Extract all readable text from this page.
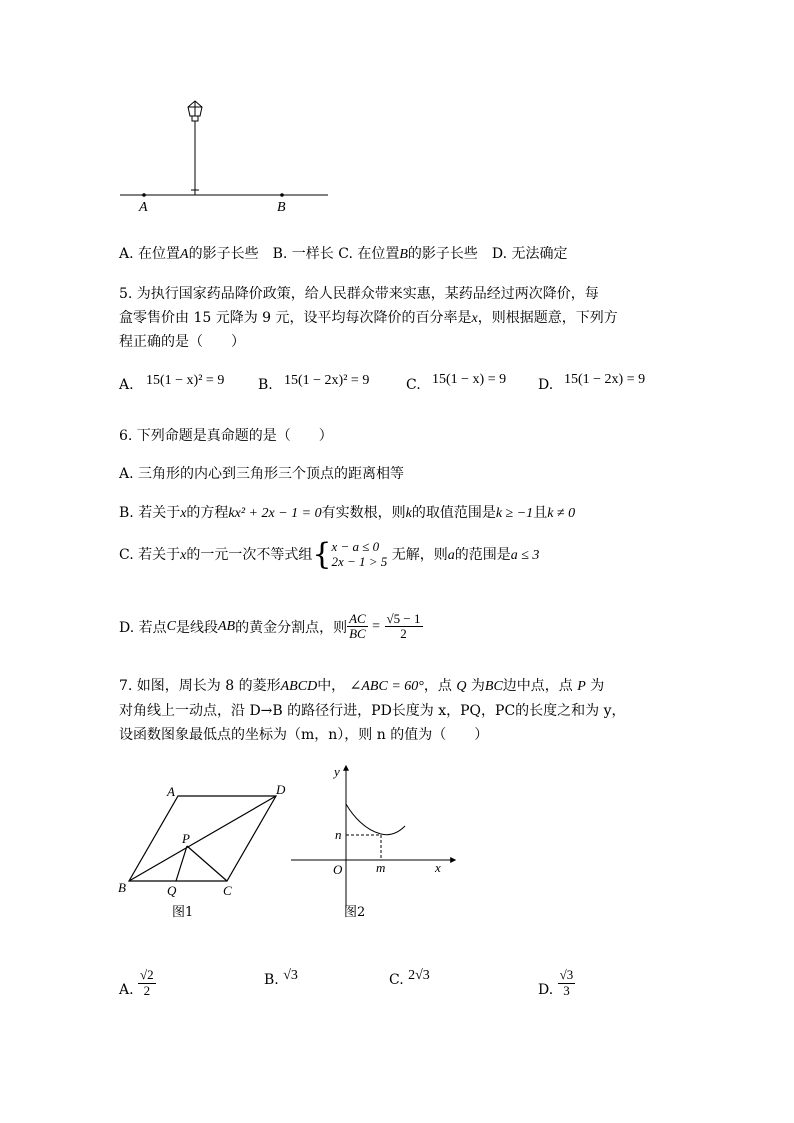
A	B
A. 在位置A的影子长些　 B. 一样长 C. 在位置B的影子长些　 D. 无法确定
5. 为执行国家药品降价政策，给人民群众带来实惠，某药品经过两次降价，每
盒零售价由 15 元降为 9 元，设平均每次降价的百分率是x，则根据题意，下列方
程正确的是（　　）
A. 15(1 − x)² = 9 B. 15(1 − 2x)² = 9	C. 15(1 − x) = 9 D. 15(1 − 2x) = 9
6. 下列命题是真命题的是（　　）
A. 三角形的内心到三角形三个顶点的距离相等
B. 若关于x的方程kx² + 2x − 1 = 0有实数根，则k的取值范围是k ≥ −1且k ≠ 0
C. 若关于x的一元一次不等式组{ x − a ≤ 0
2x − 1 > 5 无解，则a的范围是a ≤ 3
D. 若点C是线段AB的黄金分割点，则 $\frac{AC}{BC} = \frac{√5 - 1}{2}$
7. 如图，周长为 8 的菱形ABCD中， ∠ABC = 60°，点 Q 为BC边中点，点 P 为
对角线上一动点，沿 D→B 的路径行进，PD长度为 x，PQ，PC的长度之和为 y，
设函数图象最低点的坐标为（m，n），则 n 的值为（　　）
A	D
B	C
Q
P
图1
y
x
O	m
n
图2
A. $\frac{√2}{2}$	B. √3	C. 2√3
D. $\frac{√3}{3}$
